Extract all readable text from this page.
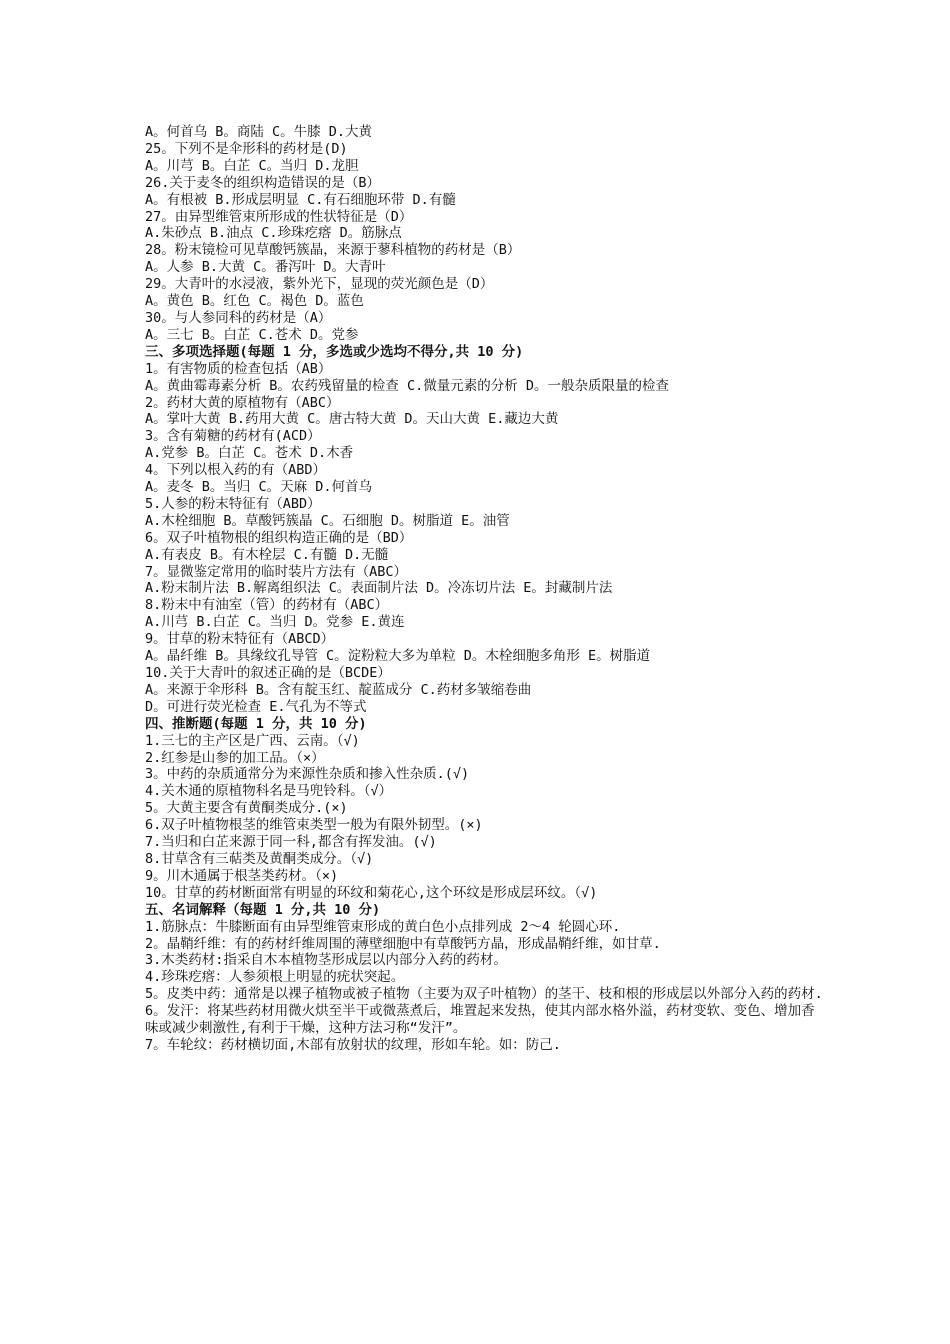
A。何首乌 B。商陆 C。牛膝 D.大黄
25。下列不是伞形科的药材是(D)
A。川芎 B。白芷 C。当归 D.龙胆
26.关于麦冬的组织构造错误的是（B）
A。有根被 B.形成层明显 C.有石细胞环带 D.有髓
27。由异型维管束所形成的性状特征是（D）
A.朱砂点 B.油点 C.珍珠疙瘩 D。筋脉点
28。粉末镜检可见草酸钙簇晶，来源于蓼科植物的药材是（B）
A。人参 B.大黄 C。番泻叶 D。大青叶
29。大青叶的水浸液，紫外光下，显现的荧光颜色是（D）
A。黄色 B。红色 C。褐色 D。蓝色
30。与人参同科的药材是（A）
A。三七 B。白芷 C.苍术 D。党参
三、多项选择题(每题 1 分，多选或少选均不得分,共 10 分)
1。有害物质的检查包括（AB）
A。黄曲霉毒素分析 B。农药残留量的检查 C.微量元素的分析 D。一般杂质限量的检查
2。药材大黄的原植物有（ABC）
A。掌叶大黄 B.药用大黄 C。唐古特大黄 D。天山大黄 E.藏边大黄
3。含有菊糖的药材有(ACD）
A.党参 B。白芷 C。苍术 D.木香
4。下列以根入药的有（ABD）
A。麦冬 B。当归 C。天麻 D.何首乌
5.人参的粉末特征有（ABD）
A.木栓细胞 B。草酸钙簇晶 C。石细胞 D。树脂道 E。油管
6。双子叶植物根的组织构造正确的是（BD）
A.有表皮 B。有木栓层 C.有髓 D.无髓
7。显微鉴定常用的临时装片方法有（ABC）
A.粉末制片法 B.解离组织法 C。表面制片法 D。冷冻切片法 E。封藏制片法
8.粉末中有油室（管）的药材有（ABC）
A.川芎 B.白芷 C。当归 D。党参 E.黄连
9。甘草的粉末特征有（ABCD）
A。晶纤维 B。具缘纹孔导管 C。淀粉粒大多为单粒 D。木栓细胞多角形 E。树脂道
10.关于大青叶的叙述正确的是（BCDE）
A。来源于伞形科 B。含有靛玉红、靛蓝成分 C.药材多皱缩卷曲
D。可进行荧光检查 E.气孔为不等式
四、推断题(每题 1 分，共 10 分)
1.三七的主产区是广西、云南。（√)
2.红参是山参的加工品。（×）
3。中药的杂质通常分为来源性杂质和掺入性杂质.(√)
4.关木通的原植物科名是马兜铃科。（√）
5。大黄主要含有黄酮类成分.(×)
6.双子叶植物根茎的维管束类型一般为有限外韧型。(×)
7.当归和白芷来源于同一科,都含有挥发油。(√)
8.甘草含有三萜类及黄酮类成分。（√)
9。川木通属于根茎类药材。（×)
10。甘草的药材断面常有明显的环纹和菊花心,这个环纹是形成层环纹。（√)
五、名词解释（每题 1 分,共 10 分)
1.筋脉点：牛膝断面有由异型维管束形成的黄白色小点排列成 2～4 轮圆心环.
2。晶鞘纤维：有的药材纤维周围的薄壁细胞中有草酸钙方晶，形成晶鞘纤维，如甘草.
3.木类药材:指采自木本植物茎形成层以内部分入药的药材。
4.珍珠疙瘩：人参须根上明显的疣状突起。
5。皮类中药：通常是以裸子植物或被子植物（主要为双子叶植物）的茎干、枝和根的形成层以外部分入药的药材.
6。发汗：将某些药材用微火烘至半干或微蒸煮后，堆置起来发热，使其内部水格外溢，药材变软、变色、增加香味或减少刺激性,有利于干燥，这种方法习称“发汗”。
7。车轮纹：药材横切面,木部有放射状的纹理，形如车轮。如：防己.
